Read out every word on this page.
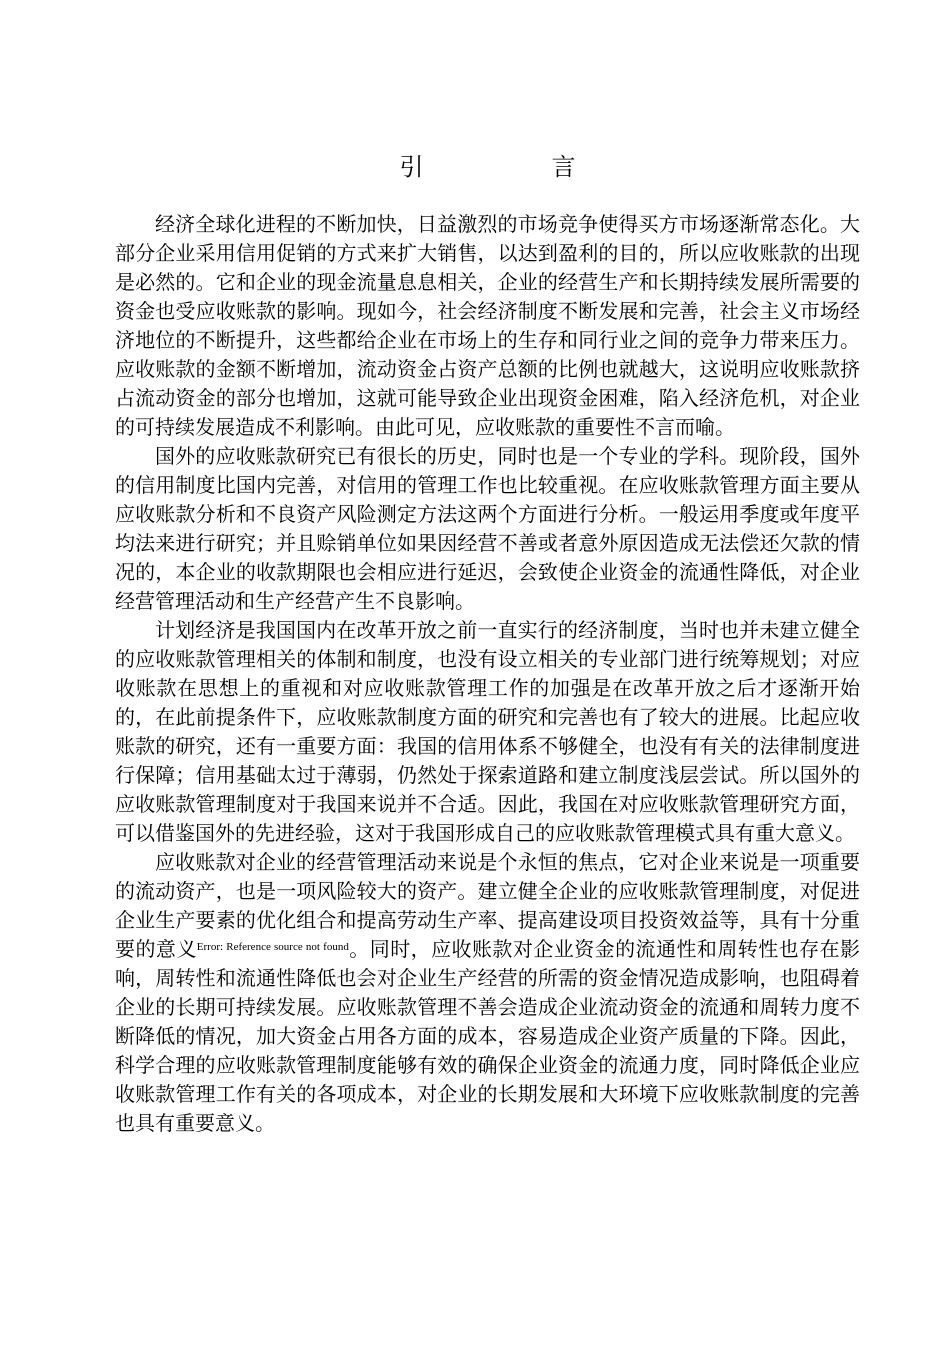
引　言

经济全球化进程的不断加快，日益激烈的市场竞争使得买方市场逐渐常态化。大部分企业采用信用促销的方式来扩大销售，以达到盈利的目的，所以应收账款的出现是必然的。它和企业的现金流量息息相关，企业的经营生产和长期持续发展所需要的资金也受应收账款的影响。现如今，社会经济制度不断发展和完善，社会主义市场经济地位的不断提升，这些都给企业在市场上的生存和同行业之间的竞争力带来压力。应收账款的金额不断增加，流动资金占资产总额的比例也就越大，这说明应收账款挤占流动资金的部分也增加，这就可能导致企业出现资金困难，陷入经济危机，对企业的可持续发展造成不利影响。由此可见，应收账款的重要性不言而喻。

国外的应收账款研究已有很长的历史，同时也是一个专业的学科。现阶段，国外的信用制度比国内完善，对信用的管理工作也比较重视。在应收账款管理方面主要从应收账款分析和不良资产风险测定方法这两个方面进行分析。一般运用季度或年度平均法来进行研究；并且赊销单位如果因经营不善或者意外原因造成无法偿还欠款的情况的，本企业的收款期限也会相应进行延迟，会致使企业资金的流通性降低，对企业经营管理活动和生产经营产生不良影响。

计划经济是我国国内在改革开放之前一直实行的经济制度，当时也并未建立健全的应收账款管理相关的体制和制度，也没有设立相关的专业部门进行统筹规划；对应收账款在思想上的重视和对应收账款管理工作的加强是在改革开放之后才逐渐开始的，在此前提条件下，应收账款制度方面的研究和完善也有了较大的进展。比起应收账款的研究，还有一重要方面：我国的信用体系不够健全，也没有有关的法律制度进行保障；信用基础太过于薄弱，仍然处于探索道路和建立制度浅层尝试。所以国外的应收账款管理制度对于我国来说并不合适。因此，我国在对应收账款管理研究方面，可以借鉴国外的先进经验，这对于我国形成自己的应收账款管理模式具有重大意义。

应收账款对企业的经营管理活动来说是个永恒的焦点，它对企业来说是一项重要的流动资产，也是一项风险较大的资产。建立健全企业的应收账款管理制度，对促进企业生产要素的优化组合和提高劳动生产率、提高建设项目投资效益等，具有十分重要的意义$^{Error: Reference source not found}$。同时，应收账款对企业资金的流通性和周转性也存在影响，周转性和流通性降低也会对企业生产经营的所需的资金情况造成影响，也阻碍着企业的长期可持续发展。应收账款管理不善会造成企业流动资金的流通和周转力度不断降低的情况，加大资金占用各方面的成本，容易造成企业资产质量的下降。因此，科学合理的应收账款管理制度能够有效的确保企业资金的流通力度，同时降低企业应收账款管理工作有关的各项成本，对企业的长期发展和大环境下应收账款制度的完善也具有重要意义。
